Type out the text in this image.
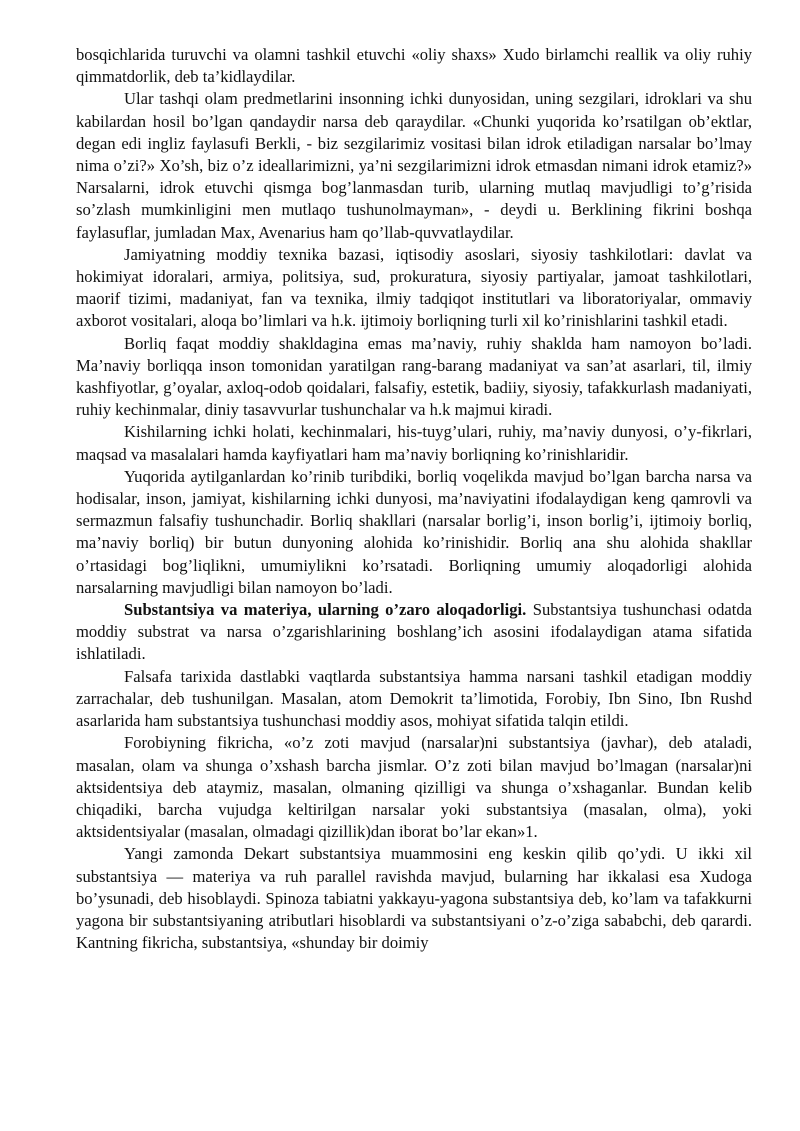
bosqichlarida turuvchi va olamni tashkil etuvchi «oliy shaxs» Xudo birlamchi reallik va oliy ruhiy qimmatdorlik, deb ta’kidlaydilar.

Ular tashqi olam predmetlarini insonning ichki dunyosidan, uning sezgilari, idroklari va shu kabilardan hosil bo’lgan qandaydir narsa deb qaraydilar. «Chunki yuqorida ko’rsatilgan ob’ektlar, degan edi ingliz faylasufi Berkli, - biz sezgilarimiz vositasi bilan idrok etiladigan narsalar bo’lmay nima o’zi?» Xo’sh, biz o’z ideallarimizni, ya’ni sezgilarimizni idrok etmasdan nimani idrok etamiz?» Narsalarni, idrok etuvchi qismga bog’lanmasdan turib, ularning mutlaq mavjudligi to’g’risida so’zlash mumkinligini men mutlaqo tushunolmayman», - deydi u. Berklining fikrini boshqa faylasuflar, jumladan Max, Avenarius ham qo’llab-quvvatlaydilar.

Jamiyatning moddiy texnika bazasi, iqtisodiy asoslari, siyosiy tashkilotlari: davlat va hokimiyat idoralari, armiya, politsiya, sud, prokuratura, siyosiy partiyalar, jamoat tashkilotlari, maorif tizimi, madaniyat, fan va texnika, ilmiy tadqiqot institutlari va liboratoriyalar, ommaviy axborot vositalari, aloqa bo’limlari va h.k. ijtimoiy borliqning turli xil ko’rinishlarini tashkil etadi.

Borliq faqat moddiy shakldagina emas ma’naviy, ruhiy shaklda ham namoyon bo’ladi. Ma’naviy borliqqa inson tomonidan yaratilgan rang-barang madaniyat va san’at asarlari, til, ilmiy kashfiyotlar, g’oyalar, axloq-odob qoidalari, falsafiy, estetik, badiiy, siyosiy, tafakkurlash madaniyati, ruhiy kechinmalar, diniy tasavvurlar tushunchalar va h.k majmui kiradi.

Kishilarning ichki holati, kechinmalari, his-tuyg’ulari, ruhiy, ma’naviy dunyosi, o’y-fikrlari, maqsad va masalalari hamda kayfiyatlari ham ma’naviy borliqning ko’rinishlaridir.

Yuqorida aytilganlardan ko’rinib turibdiki, borliq voqelikda mavjud bo’lgan barcha narsa va hodisalar, inson, jamiyat, kishilarning ichki dunyosi, ma’naviyatini ifodalaydigan keng qamrovli va sermazmun falsafiy tushunchadir. Borliq shakllari (narsalar borlig’i, inson borlig’i, ijtimoiy borliq, ma’naviy borliq) bir butun dunyoning alohida ko’rinishidir. Borliq ana shu alohida shakllar o’rtasidagi bog’liqlikni, umumiylikni ko’rsatadi. Borliqning umumiy aloqadorligi alohida narsalarning mavjudligi bilan namoyon bo’ladi.

Substantsiya va materiya, ularning o’zaro aloqadorligi. Substantsiya tushunchasi odatda moddiy substrat va narsa o’zgarishlarining boshlang’ich asosini ifodalaydigan atama sifatida ishlatiladi.

Falsafa tarixida dastlabki vaqtlarda substantsiya hamma narsani tashkil etadigan moddiy zarrachalar, deb tushunilgan. Masalan, atom Demokrit ta’limotida, Forobiy, Ibn Sino, Ibn Rushd asarlarida ham substantsiya tushunchasi moddiy asos, mohiyat sifatida talqin etildi.

Forobiyning fikricha, «o’z zoti mavjud (narsalar)ni substantsiya (javhar), deb ataladi, masalan, olam va shunga o’xshash barcha jismlar. O’z zoti bilan mavjud bo’lmagan (narsalar)ni aktsidentsiya deb ataymiz, masalan, olmaning qizilligi va shunga o’xshaganlar. Bundan kelib chiqadiki, barcha vujudga keltirilgan narsalar yoki substantsiya (masalan, olma), yoki aktsidentsiyalar (masalan, olmadagi qizillik)dan iborat bo’lar ekan»1.

Yangi zamonda Dekart substantsiya muammosini eng keskin qilib qo’ydi. U ikki xil substantsiya — materiya va ruh parallel ravishda mavjud, bularning har ikkalasi esa Xudoga bo’ysunadi, deb hisoblaydi. Spinoza tabiatni yakkayu-yagona substantsiya deb, ko’lam va tafakkurni yagona bir substantsiyaning atributlari hisoblardi va substantsiyani o’z-o’ziga sababchi, deb qarardi. Kantning fikricha, substantsiya, «shunday bir doimiy
